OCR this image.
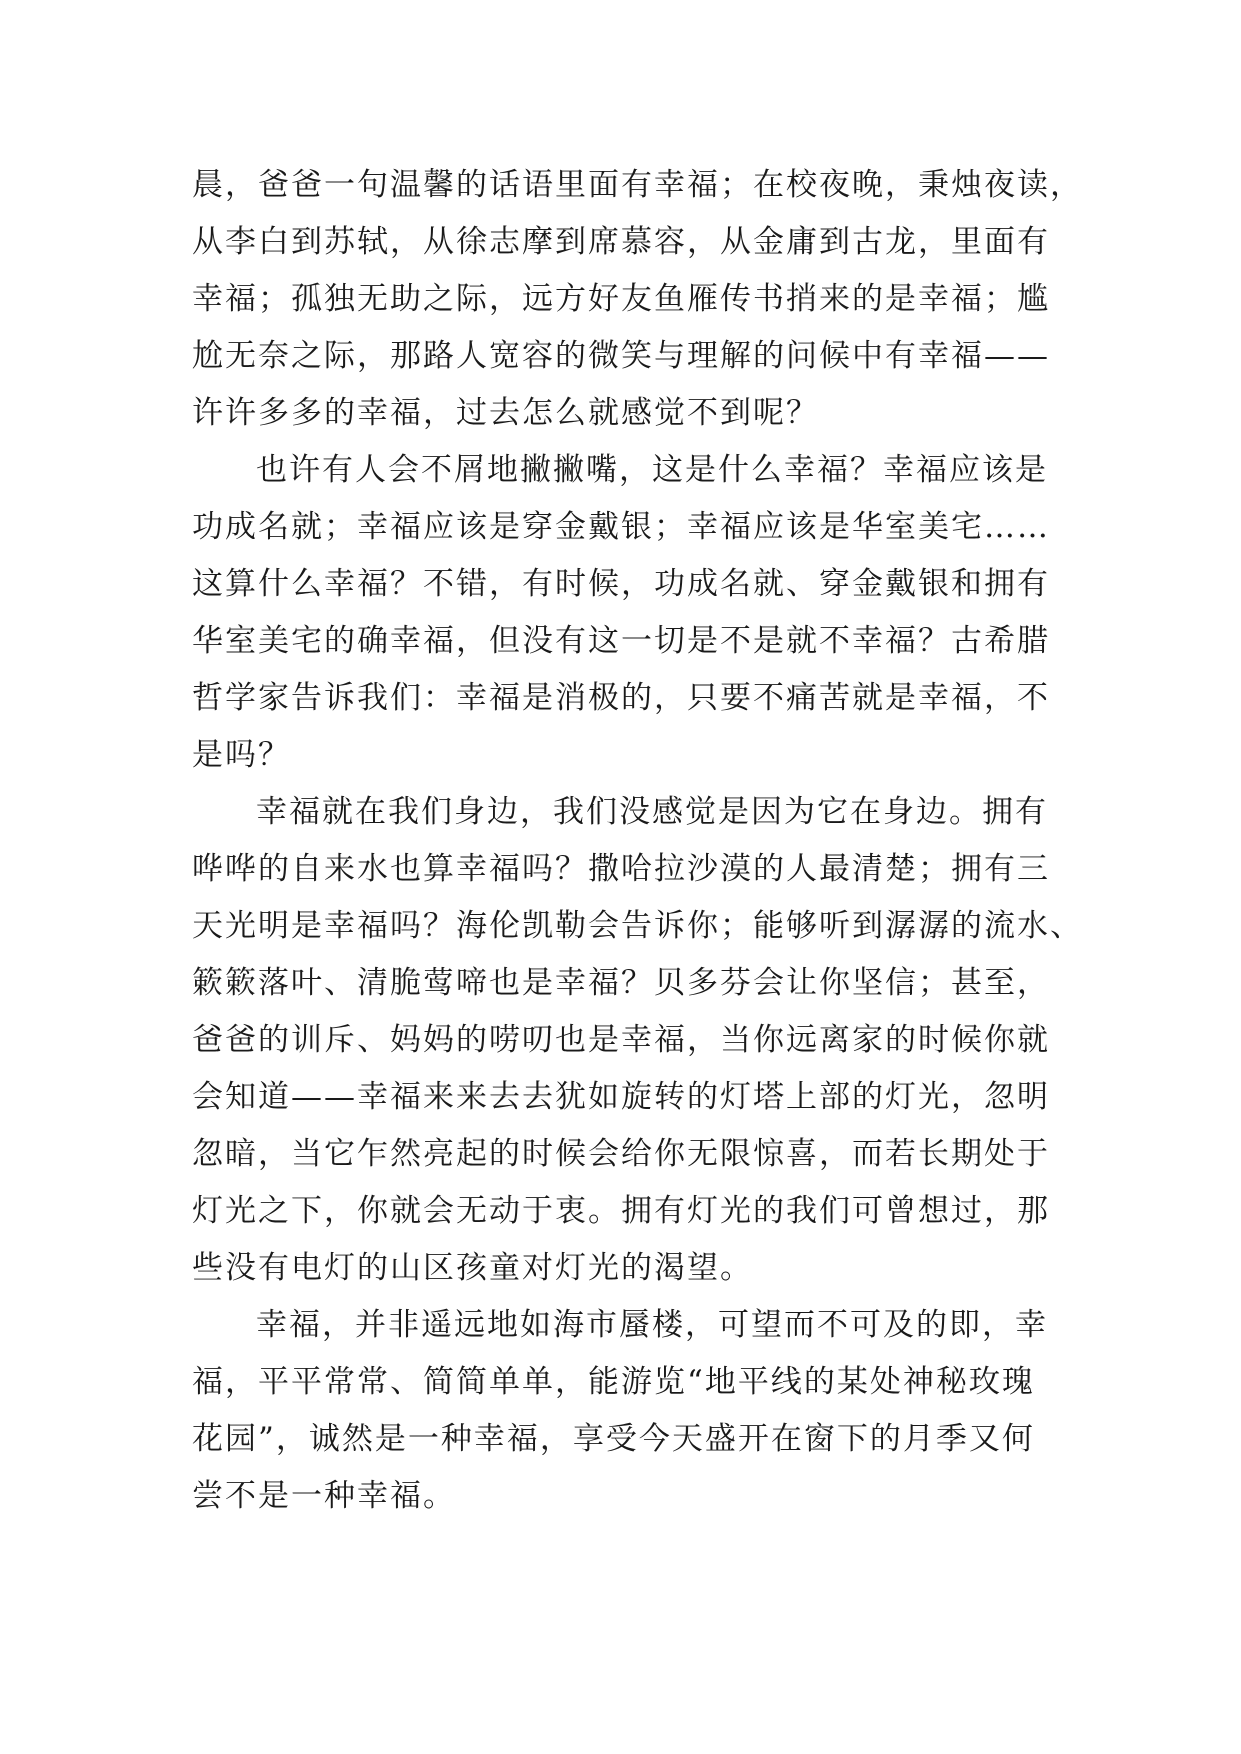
晨，爸爸一句温馨的话语里面有幸福；在校夜晚，秉烛夜读，
从李白到苏轼，从徐志摩到席慕容，从金庸到古龙，里面有
幸福；孤独无助之际，远方好友鱼雁传书捎来的是幸福；尴
尬无奈之际，那路人宽容的微笑与理解的问候中有幸福——
许许多多的幸福，过去怎么就感觉不到呢？
也许有人会不屑地撇撇嘴，这是什么幸福？幸福应该是
功成名就；幸福应该是穿金戴银；幸福应该是华室美宅……
这算什么幸福？不错，有时候，功成名就、穿金戴银和拥有
华室美宅的确幸福，但没有这一切是不是就不幸福？古希腊
哲学家告诉我们：幸福是消极的，只要不痛苦就是幸福，不
是吗？
幸福就在我们身边，我们没感觉是因为它在身边。拥有
哗哗的自来水也算幸福吗？撒哈拉沙漠的人最清楚；拥有三
天光明是幸福吗？海伦凯勒会告诉你；能够听到潺潺的流水、
簌簌落叶、清脆莺啼也是幸福？贝多芬会让你坚信；甚至，
爸爸的训斥、妈妈的唠叨也是幸福，当你远离家的时候你就
会知道——幸福来来去去犹如旋转的灯塔上部的灯光，忽明
忽暗，当它乍然亮起的时候会给你无限惊喜，而若长期处于
灯光之下，你就会无动于衷。拥有灯光的我们可曾想过，那
些没有电灯的山区孩童对灯光的渴望。
幸福，并非遥远地如海市蜃楼，可望而不可及的即，幸
福，平平常常、简简单单，能游览“地平线的某处神秘玫瑰
花园”，诚然是一种幸福，享受今天盛开在窗下的月季又何
尝不是一种幸福。
